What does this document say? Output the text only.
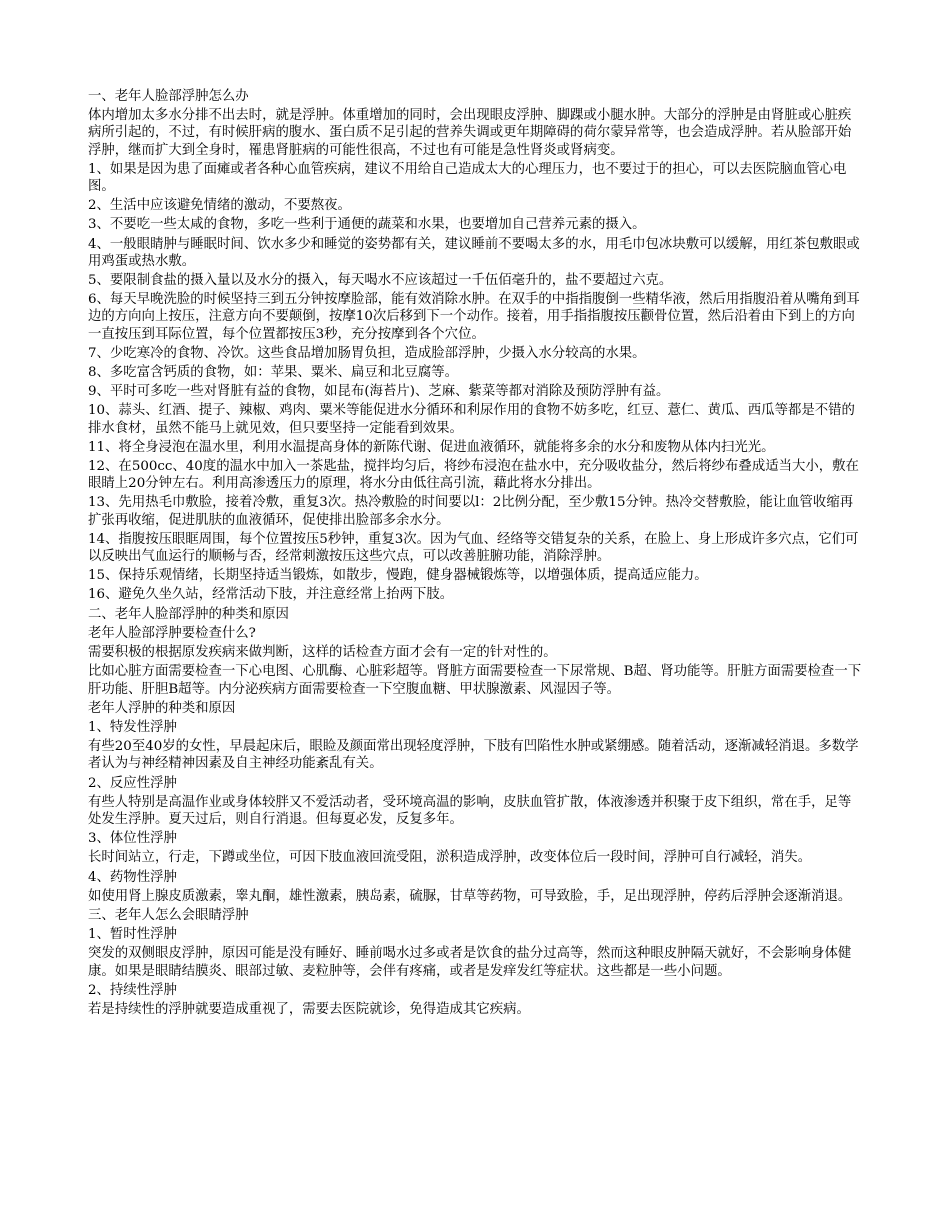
一、老年人脸部浮肿怎么办

体内增加太多水分排不出去时，就是浮肿。体重增加的同时，会出现眼皮浮肿、脚踝或小腿水肿。大部分的浮肿是由肾脏或心脏疾病所引起的，不过，有时候肝病的腹水、蛋白质不足引起的营养失调或更年期障碍的荷尔蒙异常等，也会造成浮肿。若从脸部开始浮肿，继而扩大到全身时，罹患肾脏病的可能性很高，不过也有可能是急性肾炎或肾病变。

1、如果是因为患了面瘫或者各种心血管疾病，建议不用给自己造成太大的心理压力，也不要过于的担心，可以去医院脑血管心电图。

2、生活中应该避免情绪的激动，不要熬夜。

3、不要吃一些太咸的食物，多吃一些利于通便的蔬菜和水果，也要增加自己营养元素的摄入。

4、一般眼睛肿与睡眠时间、饮水多少和睡觉的姿势都有关，建议睡前不要喝太多的水，用毛巾包冰块敷可以缓解，用红茶包敷眼或用鸡蛋或热水敷。

5、要限制食盐的摄入量以及水分的摄入，每天喝水不应该超过一千伍佰毫升的，盐不要超过六克。

6、每天早晚洗脸的时候坚持三到五分钟按摩脸部，能有效消除水肿。在双手的中指指腹倒一些精华液，然后用指腹沿着从嘴角到耳边的方向向上按压，注意方向不要颠倒，按摩10次后移到下一个动作。接着，用手指指腹按压颧骨位置，然后沿着由下到上的方向一直按压到耳际位置，每个位置都按压3秒，充分按摩到各个穴位。

7、少吃寒冷的食物、冷饮。这些食品增加肠胃负担，造成脸部浮肿，少摄入水分较高的水果。

8、多吃富含钙质的食物，如：苹果、粟米、扁豆和北豆腐等。

9、平时可多吃一些对肾脏有益的食物，如昆布(海苔片)、芝麻、紫菜等都对消除及预防浮肿有益。

10、蒜头、红酒、提子、辣椒、鸡肉、粟米等能促进水分循环和利尿作用的食物不妨多吃，红豆、薏仁、黄瓜、西瓜等都是不错的排水食材，虽然不能马上就见效，但只要坚持一定能看到效果。

11、将全身浸泡在温水里，利用水温提高身体的新陈代谢、促进血液循环，就能将多余的水分和废物从体内扫光光。

12、在500cc、40度的温水中加入一茶匙盐，搅拌均匀后，将纱布浸泡在盐水中，充分吸收盐分，然后将纱布叠成适当大小，敷在眼睛上20分钟左右。利用高渗透压力的原理，将水分由低往高引流，藉此将水分排出。

13、先用热毛巾敷脸，接着冷敷，重复3次。热冷敷脸的时间要以l：2比例分配，至少敷15分钟。热冷交替敷脸，能让血管收缩再扩张再收缩，促进肌肤的血液循环，促使排出脸部多余水分。

14、指腹按压眼眶周围，每个位置按压5秒钟，重复3次。因为气血、经络等交错复杂的关系，在脸上、身上形成许多穴点，它们可以反映出气血运行的顺畅与否，经常刺激按压这些穴点，可以改善脏腑功能，消除浮肿。

15、保持乐观情绪，长期坚持适当锻炼，如散步，慢跑，健身器械锻炼等，以增强体质，提高适应能力。

16、避免久坐久站，经常活动下肢，并注意经常上抬两下肢。

二、老年人脸部浮肿的种类和原因

老年人脸部浮肿要检查什么?

需要积极的根据原发疾病来做判断，这样的话检查方面才会有一定的针对性的。

比如心脏方面需要检查一下心电图、心肌酶、心脏彩超等。肾脏方面需要检查一下尿常规、B超、肾功能等。肝脏方面需要检查一下肝功能、肝胆B超等。内分泌疾病方面需要检查一下空腹血糖、甲状腺激素、风湿因子等。

老年人浮肿的种类和原因

1、特发性浮肿

有些20至40岁的女性，早晨起床后，眼睑及颜面常出现轻度浮肿，下肢有凹陷性水肿或紧绷感。随着活动，逐渐减轻消退。多数学者认为与神经精神因素及自主神经功能紊乱有关。

2、反应性浮肿

有些人特别是高温作业或身体较胖又不爱活动者，受环境高温的影响，皮肤血管扩散，体液渗透并积聚于皮下组织，常在手，足等处发生浮肿。夏天过后，则自行消退。但每夏必发，反复多年。

3、体位性浮肿

长时间站立，行走，下蹲或坐位，可因下肢血液回流受阻，淤积造成浮肿，改变体位后一段时间，浮肿可自行减轻，消失。

4、药物性浮肿

如使用肾上腺皮质激素，睾丸酮，雄性激素，胰岛素，硫脲，甘草等药物，可导致脸，手，足出现浮肿，停药后浮肿会逐渐消退。

三、老年人怎么会眼睛浮肿

1、暂时性浮肿

突发的双侧眼皮浮肿，原因可能是没有睡好、睡前喝水过多或者是饮食的盐分过高等，然而这种眼皮肿隔天就好，不会影响身体健康。如果是眼睛结膜炎、眼部过敏、麦粒肿等，会伴有疼痛，或者是发痒发红等症状。这些都是一些小问题。

2、持续性浮肿

若是持续性的浮肿就要造成重视了，需要去医院就诊，免得造成其它疾病。
